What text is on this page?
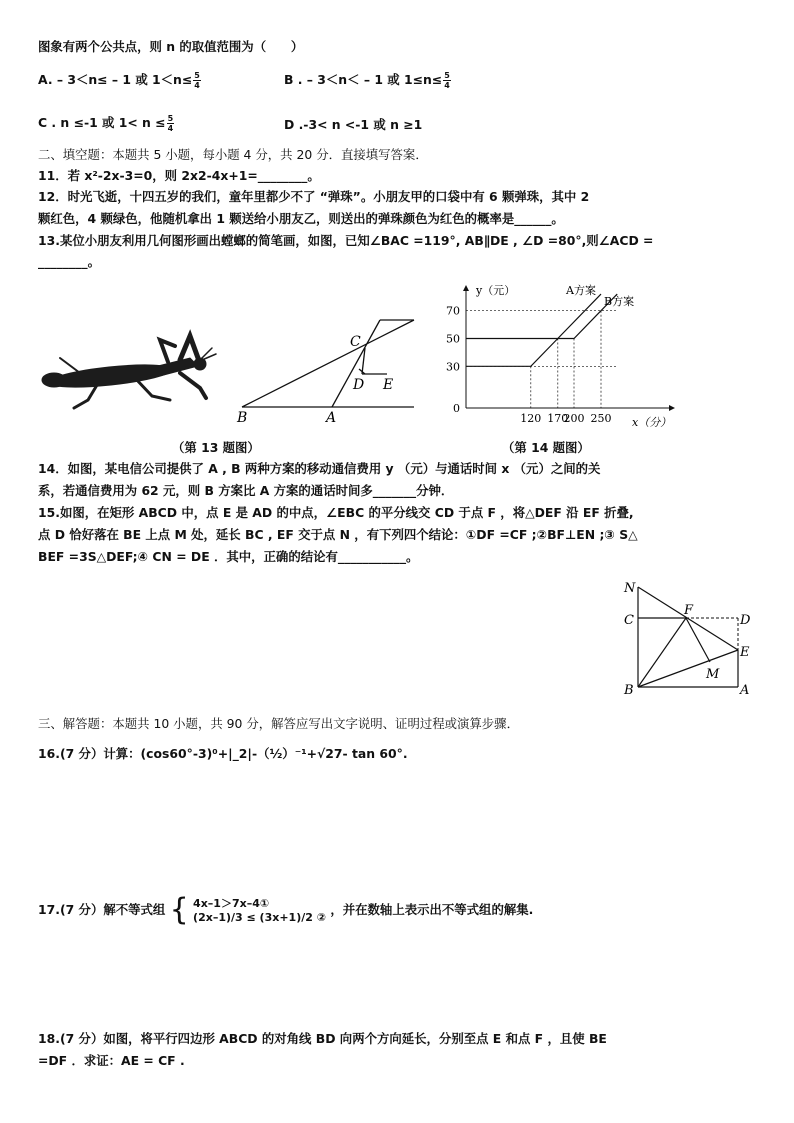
图象有两个公共点，则 n 的取值范围为（　　）
A. – 3＜n≤ – 1 或 $1<n\le \frac{5}{4}$	B . – 3＜n＜ – 1 或 $1\le n\le \frac{5}{4}$
C . n ≤-1 或 $1< n \le \frac{5}{4}$	D .-3< n <-1 或 n ≥1
二、填空题：本题共 5 小题，每小题 4 分，共 20 分．直接填写答案．
11．若 x²-2x-3=0，则 2x2-4x+1=________。
12．时光飞逝，十四五岁的我们，童年里都少不了 “弹珠”。小朋友甲的口袋中有 6 颗弹珠，其中 2
颗红色，4 颗绿色，他随机拿出 1 颗送给小朋友乙，则送出的弹珠颜色为红色的概率是______。
13.某位小朋友利用几何图形画出螳螂的简笔画，如图，已知∠BAC =119°, AB∥DE , ∠D =80°,则∠ACD =
________。
B	A
C
D E
（第 13 题图）
0
30
50
70
120 170
200 250
y（元）
x（分）
A方案
B方案
（第 14 题图）
14．如图，某电信公司提供了 A , B 两种方案的移动通信费用 y （元）与通话时间 x （元）之间的关
系，若通信费用为 62 元，则 B 方案比 A 方案的通话时间多_______分钟．
15.如图，在矩形 ABCD 中，点 E 是 AD 的中点，∠EBC 的平分线交 CD 于点 F ，将△DEF 沿 EF 折叠,
点 D 恰好落在 BE 上点 M 处，延长 BC , EF 交于点 N ，有下列四个结论：①DF =CF ;②BF⊥EN ;③ S△
BEF =3S△DEF;④ CN = DE ．其中，正确的结论有___________。
N
C
F
D
E
M
B	A
三、解答题：本题共 10 小题，共 90 分，解答应写出文字说明、证明过程或演算步骤．
16.(7 分）计算：(cos60°-3)⁰+|_2|-（½）⁻¹+√27- tan 60°.
17.(7 分）解不等式组 { 4x–1＞7x–4①
(2x–1)/3 ≤ (3x+1)/2 ② ，并在数轴上表示出不等式组的解集.
18.(7 分）如图，将平行四边形 ABCD 的对角线 BD 向两个方向延长，分别至点 E 和点 F ，且使 BE
=DF ．求证：AE = CF .
